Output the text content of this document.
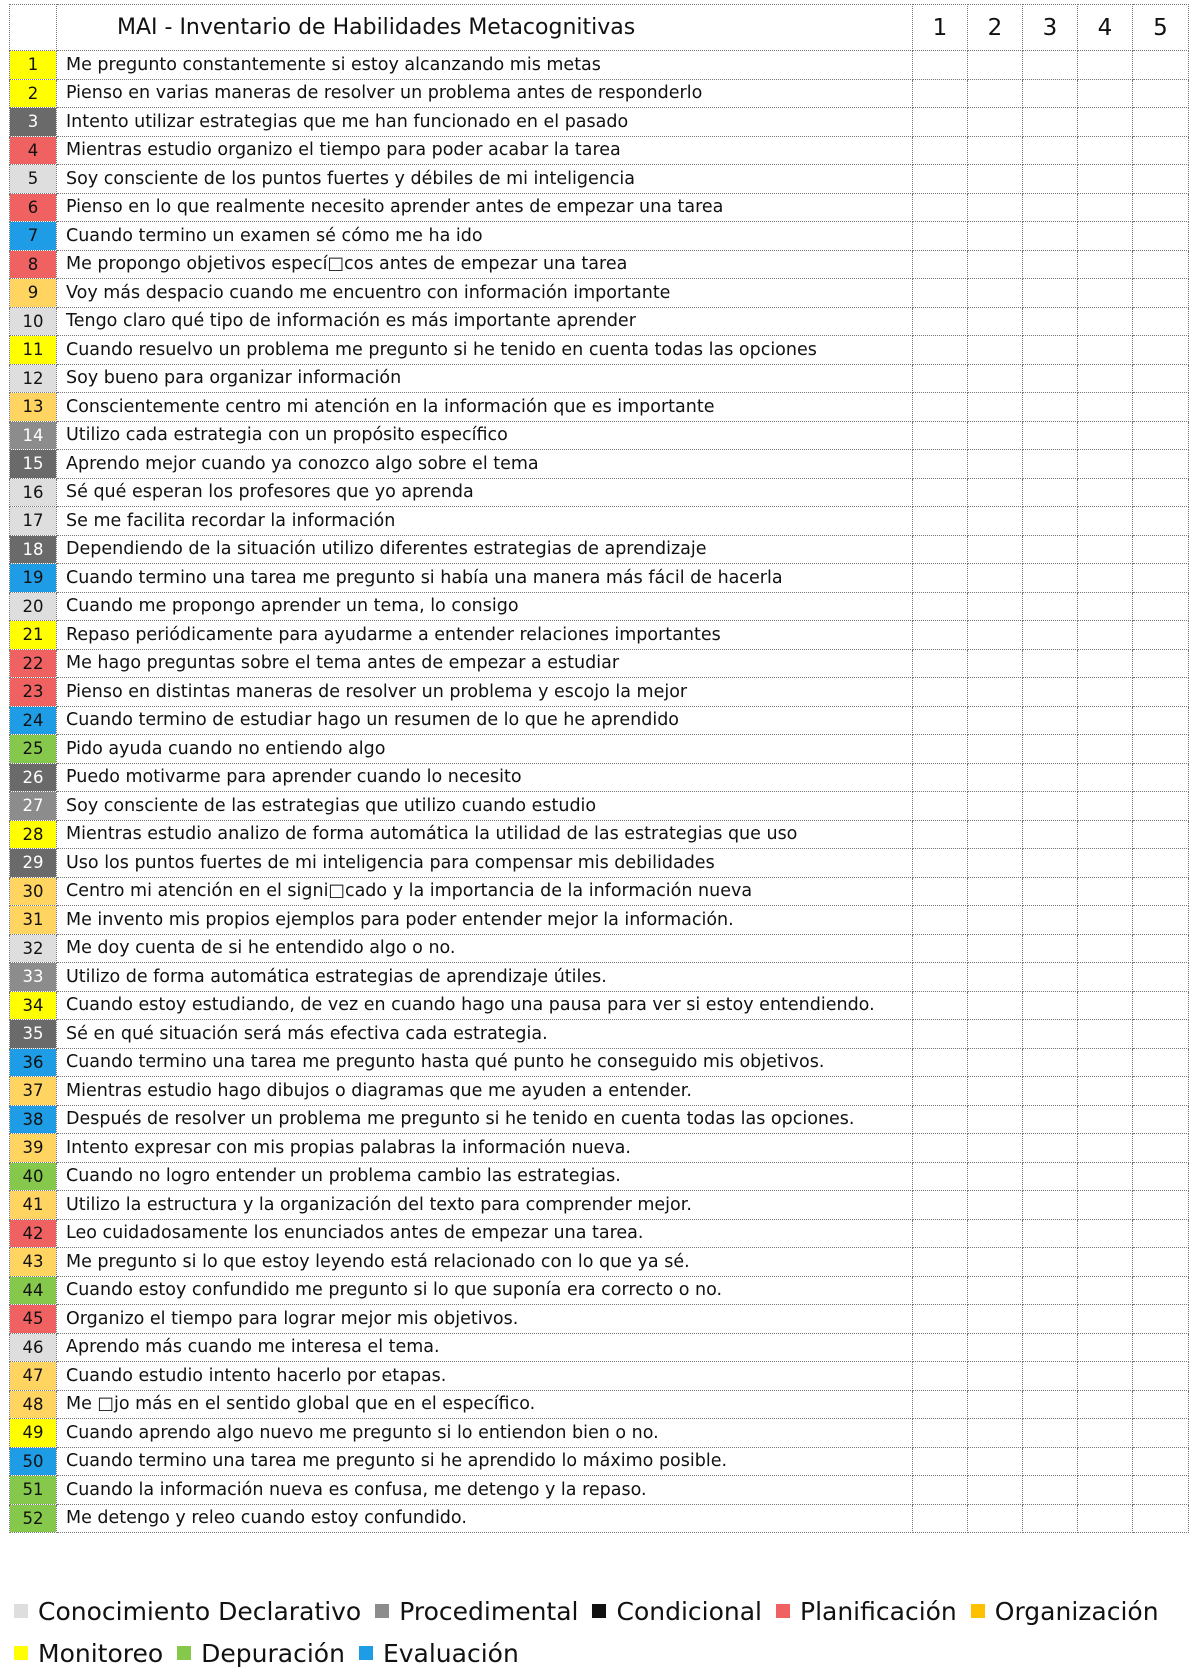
	MAI - Inventario de Habilidades Metacognitivas	1	2	3	4	5
1	Me pregunto constantemente si estoy alcanzando mis metas					
2	Pienso en varias maneras de resolver un problema antes de responderlo					
3	Intento utilizar estrategias que me han funcionado en el pasado					
4	Mientras estudio organizo el tiempo para poder acabar la tarea					
5	Soy consciente de los puntos fuertes y débiles de mi inteligencia					
6	Pienso en lo que realmente necesito aprender antes de empezar una tarea					
7	Cuando termino un examen sé cómo me ha ido					
8	Me propongo objetivos especí□cos antes de empezar una tarea					
9	Voy más despacio cuando me encuentro con información importante					
10	Tengo claro qué tipo de información es más importante aprender					
11	Cuando resuelvo un problema me pregunto si he tenido en cuenta todas las opciones					
12	Soy bueno para organizar información					
13	Conscientemente centro mi atención en la información que es importante					
14	Utilizo cada estrategia con un propósito específico					
15	Aprendo mejor cuando ya conozco algo sobre el tema					
16	Sé qué esperan los profesores que yo aprenda					
17	Se me facilita recordar la información					
18	Dependiendo de la situación utilizo diferentes estrategias de aprendizaje					
19	Cuando termino una tarea me pregunto si había una manera más fácil de hacerla					
20	Cuando me propongo aprender un tema, lo consigo					
21	Repaso periódicamente para ayudarme a entender relaciones importantes					
22	Me hago preguntas sobre el tema antes de empezar a estudiar					
23	Pienso en distintas maneras de resolver un problema y escojo la mejor					
24	Cuando termino de estudiar hago un resumen de lo que he aprendido					
25	Pido ayuda cuando no entiendo algo					
26	Puedo motivarme para aprender cuando lo necesito					
27	Soy consciente de las estrategias que utilizo cuando estudio					
28	Mientras estudio analizo de forma automática la utilidad de las estrategias que uso					
29	Uso los puntos fuertes de mi inteligencia para compensar mis debilidades					
30	Centro mi atención en el signi□cado y la importancia de la información nueva					
31	Me invento mis propios ejemplos para poder entender mejor la información.					
32	Me doy cuenta de si he entendido algo o no.					
33	Utilizo de forma automática estrategias de aprendizaje útiles.					
34	Cuando estoy estudiando, de vez en cuando hago una pausa para ver si estoy entendiendo.					
35	Sé en qué situación será más efectiva cada estrategia.					
36	Cuando termino una tarea me pregunto hasta qué punto he conseguido mis objetivos.					
37	Mientras estudio hago dibujos o diagramas que me ayuden a entender.					
38	Después de resolver un problema me pregunto si he tenido en cuenta todas las opciones.					
39	Intento expresar con mis propias palabras la información nueva.					
40	Cuando no logro entender un problema cambio las estrategias.					
41	Utilizo la estructura y la organización del texto para comprender mejor.					
42	Leo cuidadosamente los enunciados antes de empezar una tarea.					
43	Me pregunto si lo que estoy leyendo está relacionado con lo que ya sé.					
44	Cuando estoy confundido me pregunto si lo que suponía era correcto o no.					
45	Organizo el tiempo para lograr mejor mis objetivos.					
46	Aprendo más cuando me interesa el tema.					
47	Cuando estudio intento hacerlo por etapas.					
48	Me □jo más en el sentido global que en el específico.					
49	Cuando aprendo algo nuevo me pregunto si lo entiendon bien o no.					
50	Cuando termino una tarea me pregunto si he aprendido lo máximo posible.					
51	Cuando la información nueva es confusa, me detengo y la repaso.					
52	Me detengo y releo cuando estoy confundido.					
Conocimiento Declarativo Procedimental Condicional Planificación Organización
Monitoreo Depuración Evaluación
